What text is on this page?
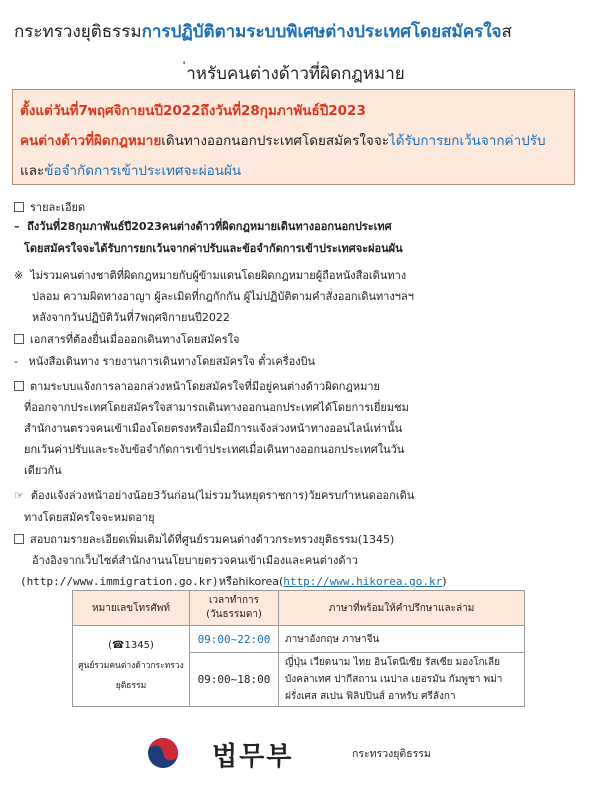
กระทรวงยุติธรรมการปฏิบัติตามระบบพิเศษต่างประเทศโดยสมัครใจส
่าหรับคนต่างด้าวที่ผิดกฎหมาย
ตั้งแต่วันที่7พฤศจิกายนปี2022ถึงวันที่28กุมภาพันธ์ปี2023
คนต่างด้าวที่ผิดกฎหมายเดินทางออกนอกประเทศโดยสมัครใจจะได้รับการยกเว้นจากค่าปรับ
และข้อจำกัดการเข้าประเทศจะผ่อนผัน
รายละเอียด
–  ถึงวันที่28กุมภาพันธ์ปี2023คนต่างด้าวที่ผิดกฎหมายเดินทางออกนอกประเทศ
โดยสมัครใจจะได้รับการยกเว้นจากค่าปรับและข้อจำกัดการเข้าประเทศจะผ่อนผัน
※ ไม่รวมคนต่างชาติที่ผิดกฎหมายกับผู้ข้ามแดนโดยผิดกฎหมายผู้ถือหนังสือเดินทาง
ปลอม ความผิดทางอาญา ผู้ละเมิดที่กฎกักกัน ผู้ไม่ปฏิบัติตามคำสั่งออกเดินทางฯลฯ
หลังจากวันปฏิบัติวันที่7พฤศจิกายนปี2022
เอกสารที่ต้องยื่นเมื่อออกเดินทางโดยสมัครใจ
-   หนังสือเดินทาง รายงานการเดินทางโดยสมัครใจ ตั๋วเครื่องบิน
ตามระบบแจ้งการลาออกล่วงหน้าโดยสมัครใจที่มีอยู่คนต่างด้าวผิดกฎหมาย
ที่ออกจากประเทศโดยสมัครใจสามารถเดินทางออกนอกประเทศได้โดยการเยี่ยมชม
สำนักงานตรวจคนเข้าเมืองโดยตรงหรือเมื่อมีการแจ้งล่วงหน้าทางออนไลน์เท่านั้น
ยกเว้นค่าปรับและระงับข้อจำกัดการเข้าประเทศเมื่อเดินทางออกนอกประเทศในวัน
เดียวกัน
☞ ต้องแจ้งล่วงหน้าอย่างน้อย3วันก่อน(ไม่รวมวันหยุดราชการ)วัยครบกำหนดออกเดิน
ทางโดยสมัครใจจะหมดอายุ
สอบถามรายละเอียดเพิ่มเติมได้ที่ศูนย์รวมคนต่างด้าวกระทรวงยุติธรรม(1345)
อ้างอิงจากเว็บไซต์สำนักงานนโยบายตรวจคนเข้าเมืองและคนต่างด้าว
(http://www.immigration.go.kr)หรือhikorea(http://www.hikorea.go.kr)
หมายเลขโทรศัพท์	เวลาทำการ
(วันธรรมดา)	ภาษาที่พร้อมให้คำปรึกษาและล่าม

(☎1345)
ศูนย์รวมคนต่างด้าวกระทรวงยุติธรรม	09:00~22:00	ภาษาอังกฤษ ภาษาจีน
	09:00~18:00	ญี่ปุ่น เวียดนาม ไทย อินโดนีเซีย รัสเซีย มองโกเลีย
บังคลาเทศ ปากีสถาน เนปาล เยอรมัน กัมพูชา พม่า
ฝรั่งเศส สเปน ฟิลิปปินส์ อาหรับ ศรีลังกา
법무부	กระทรวงยุติธรรม
